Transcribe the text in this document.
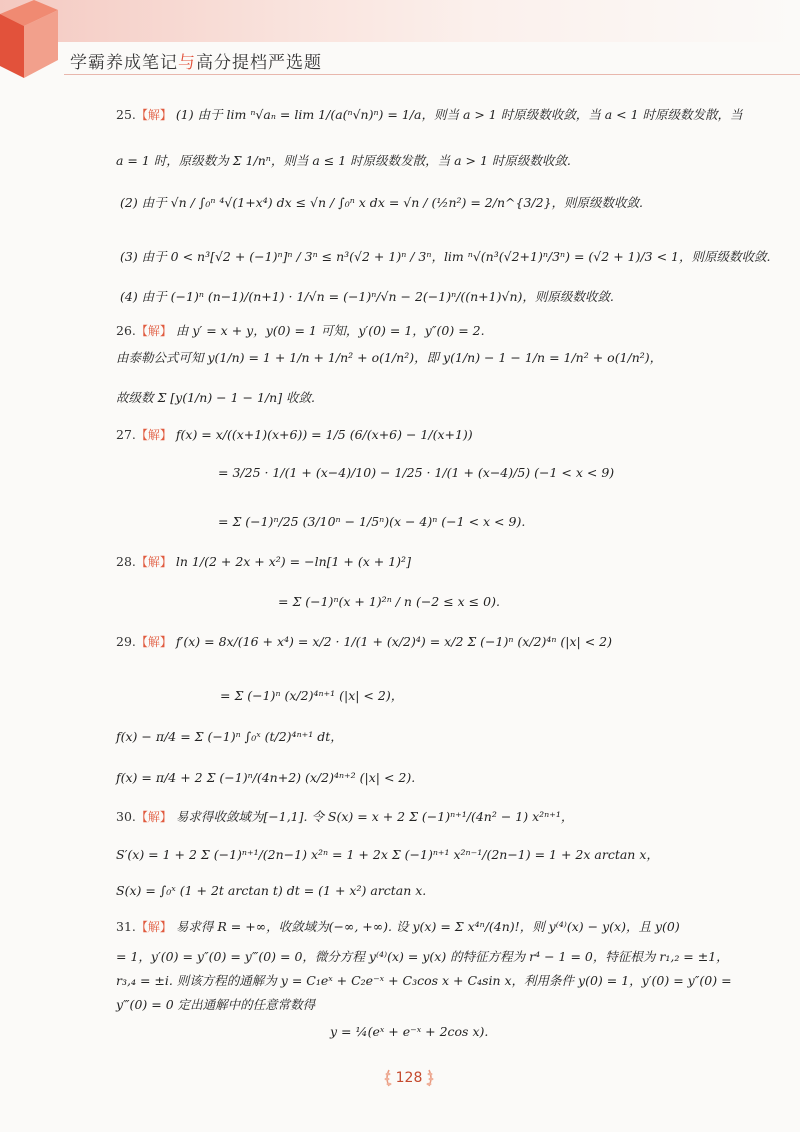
学霸养成笔记与高分提档严选题
25.【解】 (1) 由于 lim ⁿ√aₙ = lim 1/(a(ⁿ√n)ⁿ) = 1/a，则当 a > 1 时原级数收敛，当 a < 1 时原级数发散，当
a = 1 时，原级数为 Σ 1/nⁿ，则当 a ≤ 1 时原级数发散，当 a > 1 时原级数收敛.
(2) 由于 √n / ∫₀ⁿ ⁴√(1+x⁴) dx ≤ √n / ∫₀ⁿ x dx = √n / (½n²) = 2/n^{3/2}，则原级数收敛.
(3) 由于 0 < n³[√2 + (−1)ⁿ]ⁿ / 3ⁿ ≤ n³(√2 + 1)ⁿ / 3ⁿ，lim ⁿ√(n³(√2+1)ⁿ/3ⁿ) = (√2 + 1)/3 < 1，则原级数收敛.
(4) 由于 (−1)ⁿ (n−1)/(n+1) · 1/√n = (−1)ⁿ/√n − 2(−1)ⁿ/((n+1)√n)，则原级数收敛.
26.【解】 由 y′ = x + y，y(0) = 1 可知，y′(0) = 1，y″(0) = 2.
由泰勒公式可知 y(1/n) = 1 + 1/n + 1/n² + o(1/n²)，即 y(1/n) − 1 − 1/n = 1/n² + o(1/n²)，
故级数 Σ [y(1/n) − 1 − 1/n] 收敛.
27.【解】 f(x) = x/((x+1)(x+6)) = 1/5 (6/(x+6) − 1/(x+1))
= 3/25 · 1/(1 + (x−4)/10) − 1/25 · 1/(1 + (x−4)/5) (−1 < x < 9)
= Σ (−1)ⁿ/25 (3/10ⁿ − 1/5ⁿ)(x − 4)ⁿ (−1 < x < 9).
28.【解】 ln 1/(2 + 2x + x²) = −ln[1 + (x + 1)²]
= Σ (−1)ⁿ(x + 1)²ⁿ / n (−2 ≤ x ≤ 0).
29.【解】 f′(x) = 8x/(16 + x⁴) = x/2 · 1/(1 + (x/2)⁴) = x/2 Σ (−1)ⁿ (x/2)⁴ⁿ (|x| < 2)
= Σ (−1)ⁿ (x/2)⁴ⁿ⁺¹ (|x| < 2)，
f(x) − π/4 = Σ (−1)ⁿ ∫₀ˣ (t/2)⁴ⁿ⁺¹ dt，
f(x) = π/4 + 2 Σ (−1)ⁿ/(4n+2) (x/2)⁴ⁿ⁺² (|x| < 2).
30.【解】 易求得收敛域为[−1,1]. 令 S(x) = x + 2 Σ (−1)ⁿ⁺¹/(4n² − 1) x²ⁿ⁺¹，
S′(x) = 1 + 2 Σ (−1)ⁿ⁺¹/(2n−1) x²ⁿ = 1 + 2x Σ (−1)ⁿ⁺¹ x²ⁿ⁻¹/(2n−1) = 1 + 2x arctan x，
S(x) = ∫₀ˣ (1 + 2t arctan t) dt = (1 + x²) arctan x.
31.【解】 易求得 R = +∞，收敛域为(−∞, +∞). 设 y(x) = Σ x⁴ⁿ/(4n)!，则 y⁽⁴⁾(x) − y(x)，且 y(0)
= 1，y′(0) = y″(0) = y‴(0) = 0，微分方程 y⁽⁴⁾(x) = y(x) 的特征方程为 r⁴ − 1 = 0，特征根为 r₁,₂ = ±1，
r₃,₄ = ±i. 则该方程的通解为 y = C₁eˣ + C₂e⁻ˣ + C₃cos x + C₄sin x，利用条件 y(0) = 1，y′(0) = y″(0) =
y‴(0) = 0 定出通解中的任意常数得
y = ¼(eˣ + e⁻ˣ + 2cos x).
128
